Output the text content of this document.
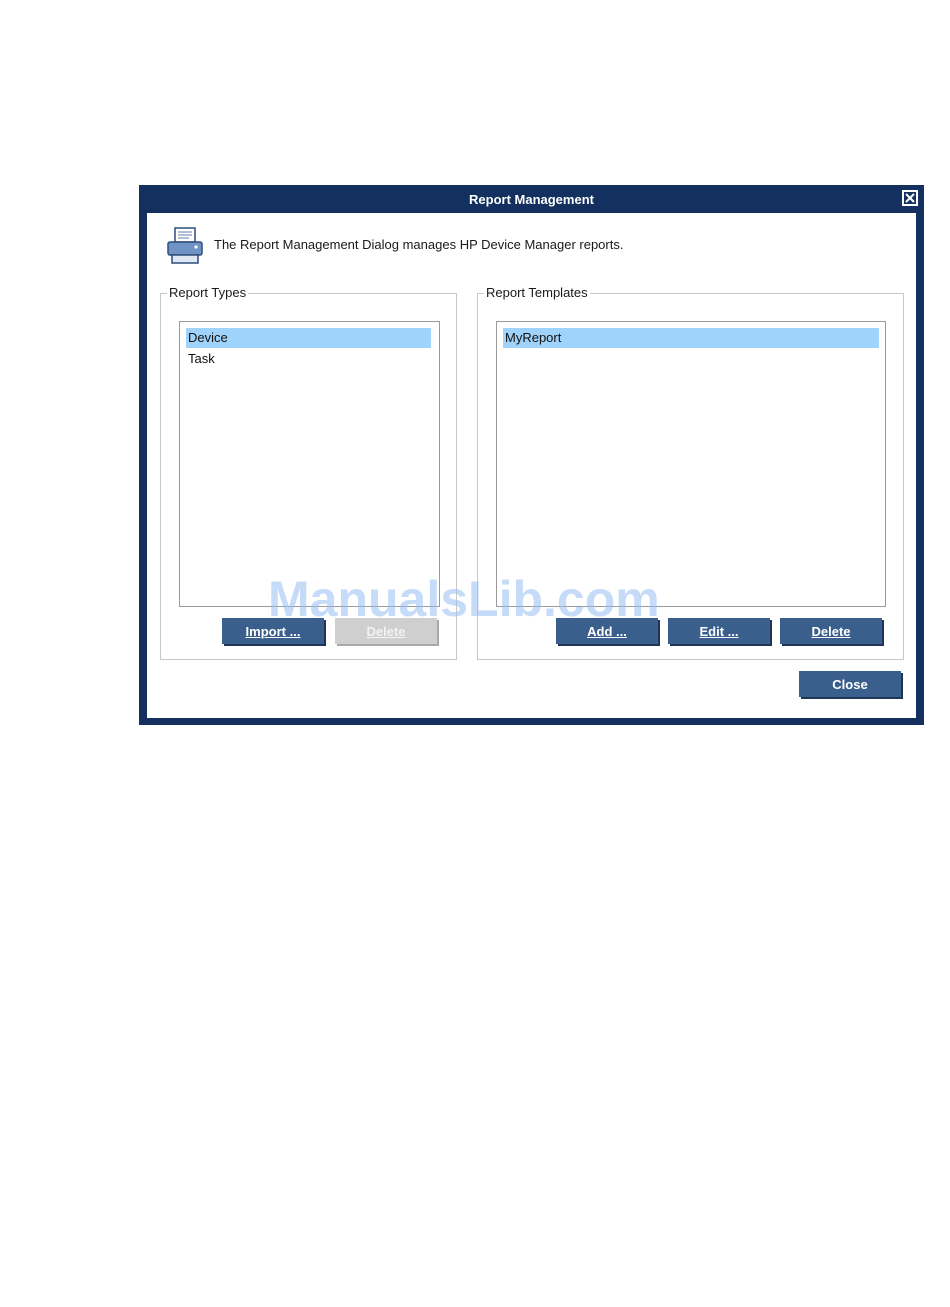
Report Management
The Report Management Dialog manages HP Device Manager reports.
Report Types
Device
Task
Import ...	Delete
Report Templates
MyReport
Add ...	Edit ...	Delete
Close
ManualsLib.com
